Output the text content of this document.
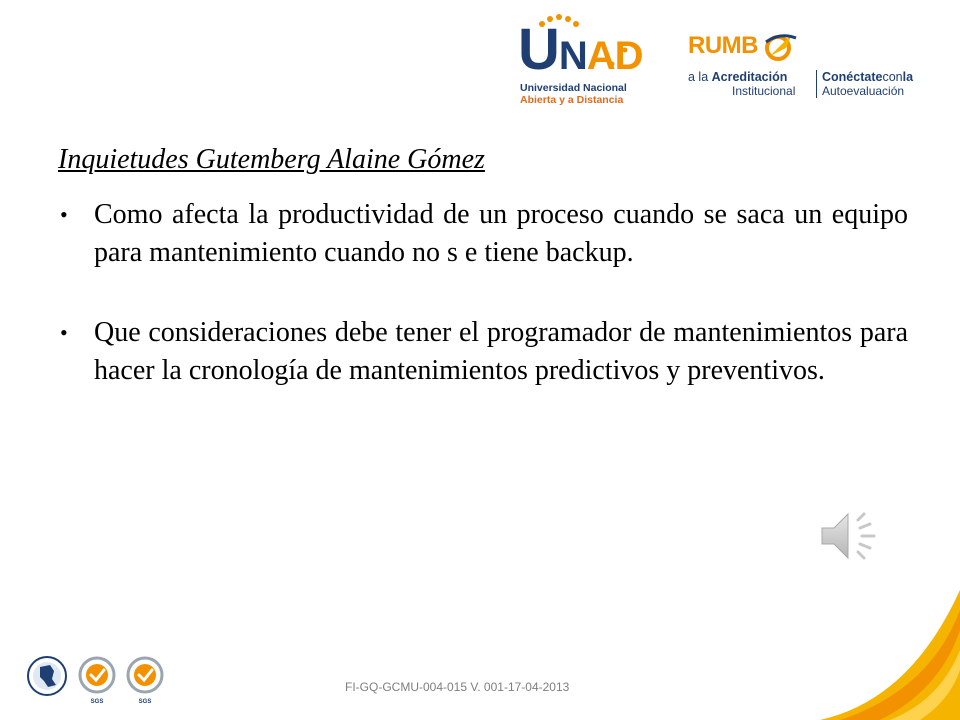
UNAD
Universidad Nacional
Abierta y a Distancia
RUMB
a la Acreditación
Institucional
Conéctateconla
Autoevaluación
Inquietudes Gutemberg Alaine Gómez
• Como afecta la productividad de un proceso cuando se saca un equipo para mantenimiento cuando no s e tiene backup.
• Que consideraciones debe tener el programador de mantenimientos para hacer la cronología de mantenimientos predictivos y preventivos.
SGS	SGS
FI-GQ-GCMU-004-015 V. 001-17-04-2013
